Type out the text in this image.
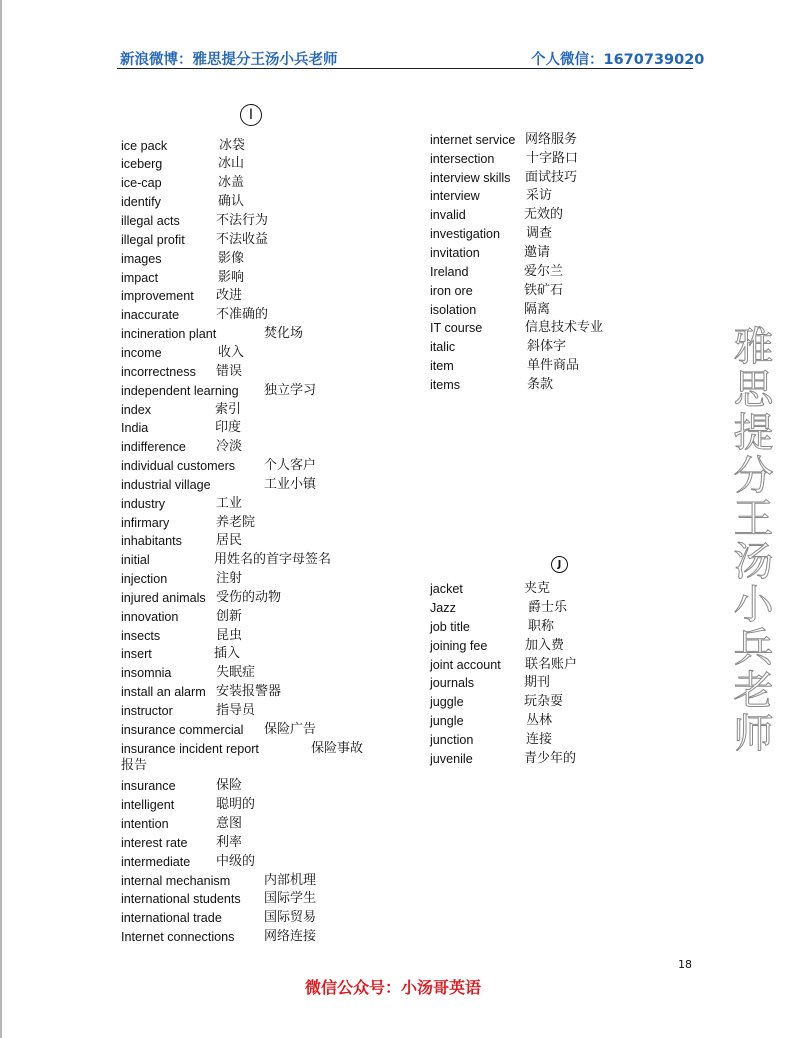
新浪微博：雅思提分王汤小兵老师	个人微信：1670739020
I
J
ice pack	冰袋
iceberg	冰山
ice-cap	冰盖
identify	确认
illegal acts	不法行为
illegal profit 不法收益
images	影像
impact	影响
improvement 改进
inaccurate	不准确的
incineration plant	焚化场
income	收入
incorrectness 错误
independent learning 独立学习
index	索引
India	印度
indifference 冷淡
individual customers 个人客户
industrial village	工业小镇
industry	工业
infirmary	养老院
inhabitants	居民
initial	用姓名的首字母签名
injection	注射
injured animals 受伤的动物
innovation	创新
insects	昆虫
insert	插入
insomnia	失眠症
install an alarm 安装报警器
instructor	指导员
insurance commercial 保险广告
insurance incident report	保险事故
报告
insurance	保险
intelligent	聪明的
intention	意图
interest rate 利率
intermediate 中级的
internal mechanism	内部机理
international students 国际学生
international trade	国际贸易
Internet connections 网络连接
internet service 网络服务
intersection 十字路口
interview skills 面试技巧
interview	采访
invalid	无效的
investigation 调查
invitation	邀请
Ireland	爱尔兰
iron ore	铁矿石
isolation	隔离
IT course	信息技术专业
italic	斜体字
item	单件商品
items	条款
jacket	夹克
Jazz	爵士乐
job title	职称
joining fee	加入费
joint account 联名账户
journals	期刊
juggle	玩杂耍
jungle	丛林
junction	连接
juvenile	青少年的
雅思提分王汤小兵老师
18
微信公众号：小汤哥英语
